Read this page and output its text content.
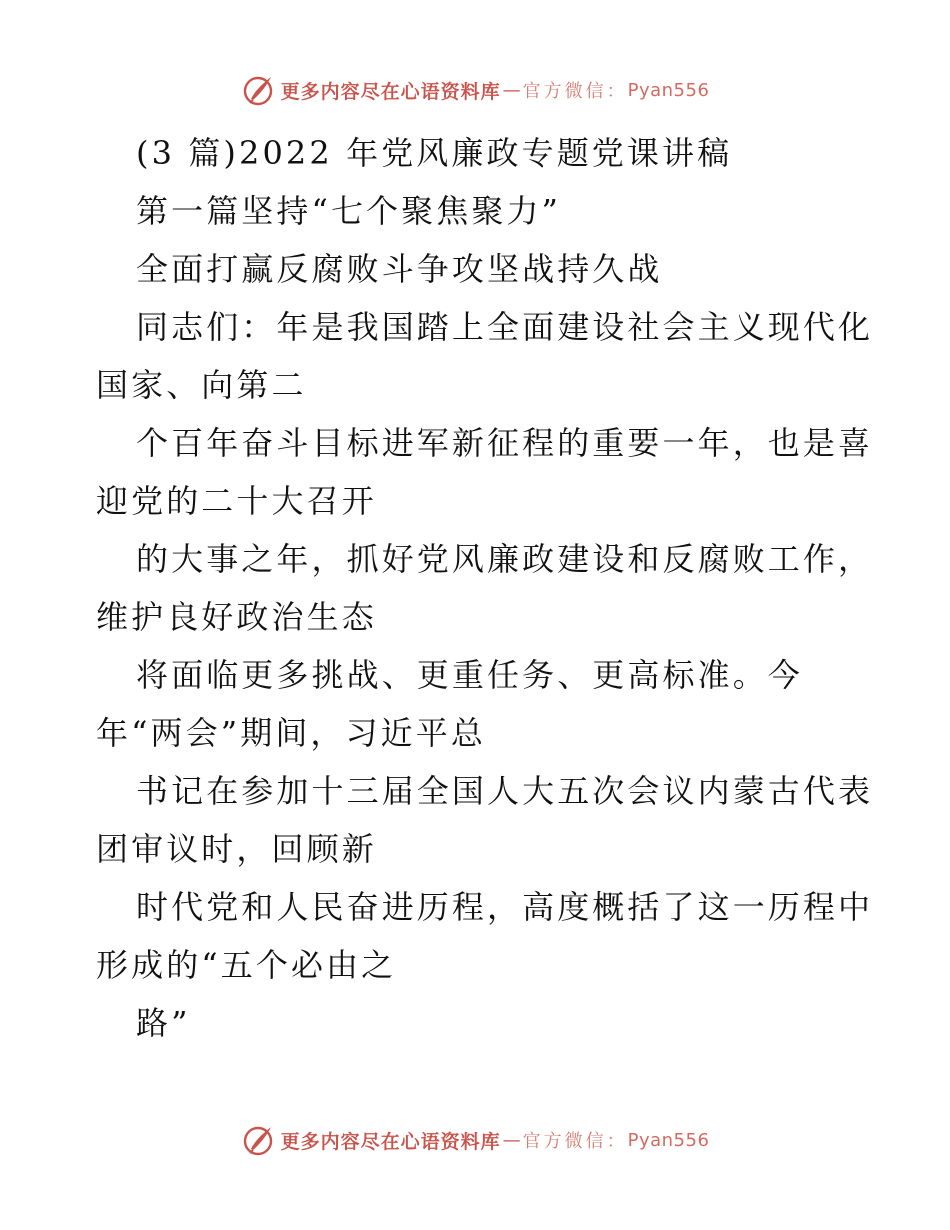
更多内容尽在心语资料库 — 官方微信： Pyan556
(3 篇)2022 年党风廉政专题党课讲稿
第一篇坚持“七个聚焦聚力”
全面打赢反腐败斗争攻坚战持久战
同志们：年是我国踏上全面建设社会主义现代化
国家、向第二
个百年奋斗目标进军新征程的重要一年，也是喜
迎党的二十大召开
的大事之年，抓好党风廉政建设和反腐败工作，
维护良好政治生态
将面临更多挑战、更重任务、更高标准。今
年“两会”期间，习近平总
书记在参加十三届全国人大五次会议内蒙古代表
团审议时，回顾新
时代党和人民奋进历程，高度概括了这一历程中
形成的“五个必由之
路”
更多内容尽在心语资料库 — 官方微信： Pyan556
